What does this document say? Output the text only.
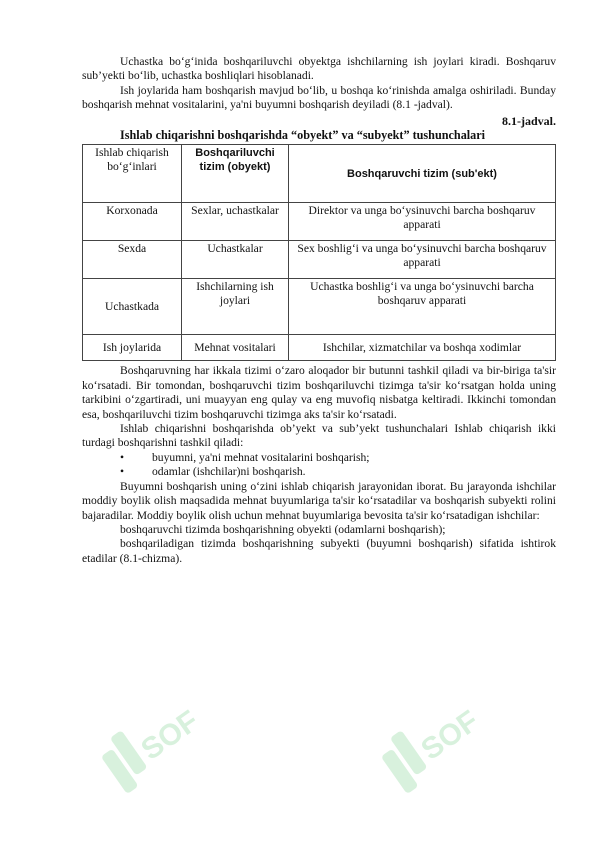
Uchastka bo‘g‘inida boshqariluvchi obyektga ishchilarning ish joylari kiradi. Boshqaruv sub’yekti bo‘lib, uchastka boshliqlari hisoblanadi.

Ish joylarida ham boshqarish mavjud bo‘lib, u boshqa ko‘rinishda amalga oshiriladi. Bunday boshqarish mehnat vositalarini, ya'ni buyumni boshqarish deyiladi (8.1 -jadval).

8.1-jadval.

Ishlab chiqarishni boshqarishda “obyekt” va “subyekt” tushunchalari

Ishlab chiqarish bo‘g‘inlari	Boshqariluvchi tizim (obyekt)	Boshqaruvchi tizim (sub'ekt)
Korxonada	Sexlar, uchastkalar	Direktor va unga bo‘ysinuvchi barcha boshqaruv apparati
Sexda	Uchastkalar	Sex boshlig‘i va unga bo‘ysinuvchi barcha boshqaruv apparati
Uchastkada	Ishchilarning ish joylari	Uchastka boshlig‘i va unga bo‘ysinuvchi barcha boshqaruv apparati
Ish joylarida	Mehnat vositalari	Ishchilar, xizmatchilar va boshqa xodimlar

Boshqaruvning har ikkala tizimi o‘zaro aloqador bir butunni tashkil qiladi va bir-biriga ta'sir ko‘rsatadi. Bir tomondan, boshqaruvchi tizim boshqariluvchi tizimga ta'sir ko‘rsatgan holda uning tarkibini o‘zgartiradi, uni muayyan eng qulay va eng muvofiq nisbatga keltiradi. Ikkinchi tomondan esa, boshqariluvchi tizim boshqaruvchi tizimga aks ta'sir ko‘rsatadi.

Ishlab chiqarishni boshqarishda ob’yekt va sub’yekt tushunchalari Ishlab chiqarish ikki turdagi boshqarishni tashkil qiladi:

•	buyumni, ya'ni mehnat vositalarini boshqarish;
•	odamlar (ishchilar)ni boshqarish.

Buyumni boshqarish uning o‘zini ishlab chiqarish jarayonidan iborat. Bu jarayonda ishchilar moddiy boylik olish maqsadida mehnat buyumlariga ta'sir ko‘rsatadilar va boshqarish subyekti rolini bajaradilar. Moddiy boylik olish uchun mehnat buyumlariga bevosita ta'sir ko‘rsatadigan ishchilar:

boshqaruvchi tizimda boshqarishning obyekti (odamlarni boshqarish);

boshqariladigan tizimda boshqarishning subyekti (buyumni boshqarish) sifatida ishtirok etadilar (8.1-chizma).

SOF	SOF
